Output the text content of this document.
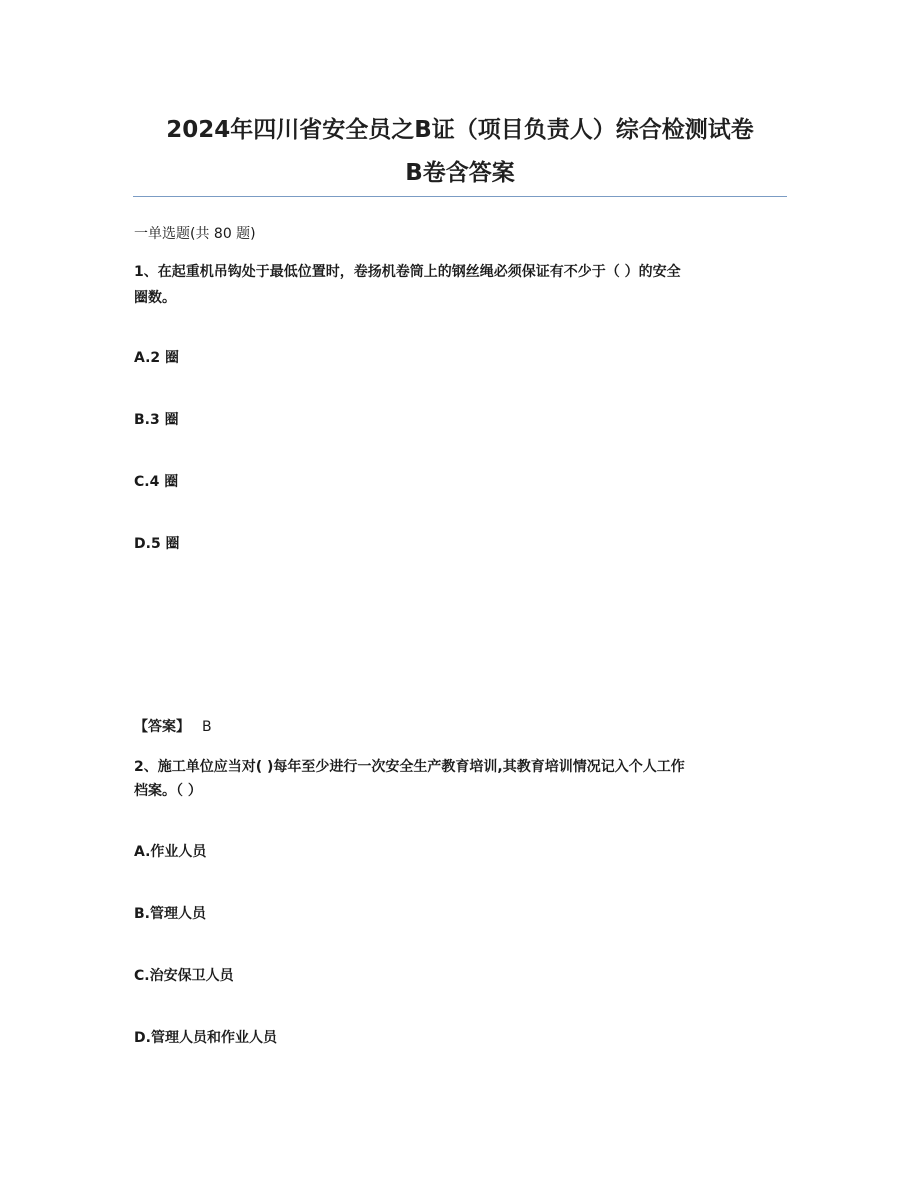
2024年四川省安全员之B证（项目负责人）综合检测试卷
B卷含答案

一单选题(共 80 题)

1、在起重机吊钩处于最低位置时，卷扬机卷筒上的钢丝绳必须保证有不少于（ ）的安全

圈数。

A.2 圈

B.3 圈

C.4 圈

D.5 圈

【答案】 B

2、施工单位应当对( )每年至少进行一次安全生产教育培训,其教育培训情况记入个人工作

档案。（ ）

A.作业人员

B.管理人员

C.治安保卫人员

D.管理人员和作业人员
